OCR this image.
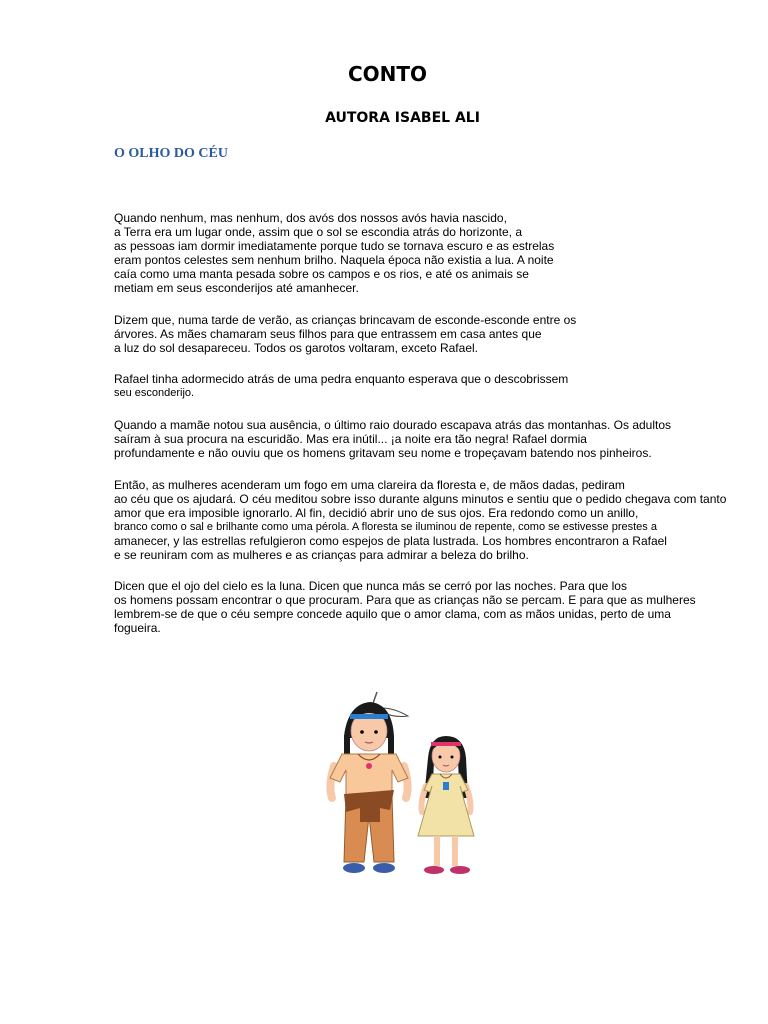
CONTO
AUTORA ISABEL ALI
O OLHO DO CÉU
Quando nenhum, mas nenhum, dos avós dos nossos avós havia nascido,
a Terra era um lugar onde, assim que o sol se escondia atrás do horizonte, a
as pessoas iam dormir imediatamente porque tudo se tornava escuro e as estrelas
eram pontos celestes sem nenhum brilho. Naquela época não existia a lua. A noite
caía como uma manta pesada sobre os campos e os rios, e até os animais se
metiam em seus esconderijos até amanhecer.
Dizem que, numa tarde de verão, as crianças brincavam de esconde-esconde entre os
árvores. As mães chamaram seus filhos para que entrassem em casa antes que
a luz do sol desapareceu. Todos os garotos voltaram, exceto Rafael.
Rafael tinha adormecido atrás de uma pedra enquanto esperava que o descobrissem
seu esconderijo.
Quando a mamãe notou sua ausência, o último raio dourado escapava atrás das montanhas. Os adultos
saíram à sua procura na escuridão. Mas era inútil... ¡a noite era tão negra! Rafael dormia
profundamente e não ouviu que os homens gritavam seu nome e tropeçavam batendo nos pinheiros.
Então, as mulheres acenderam um fogo em uma clareira da floresta e, de mãos dadas, pediram
ao céu que os ajudará. O céu meditou sobre isso durante alguns minutos e sentiu que o pedido chegava com tanto
amor que era imposible ignorarlo. Al fin, decidió abrir uno de sus ojos. Era redondo como un anillo,
branco como o sal e brilhante como uma pérola. A floresta se iluminou de repente, como se estivesse prestes a
amanecer, y las estrellas refulgieron como espejos de plata lustrada. Los hombres encontraron a Rafael
e se reuniram com as mulheres e as crianças para admirar a beleza do brilho.
Dicen que el ojo del cielo es la luna. Dicen que nunca más se cerró por las noches. Para que los
os homens possam encontrar o que procuram. Para que as crianças não se percam. E para que as mulheres
lembrem-se de que o céu sempre concede aquilo que o amor clama, com as mãos unidas, perto de uma
fogueira.
